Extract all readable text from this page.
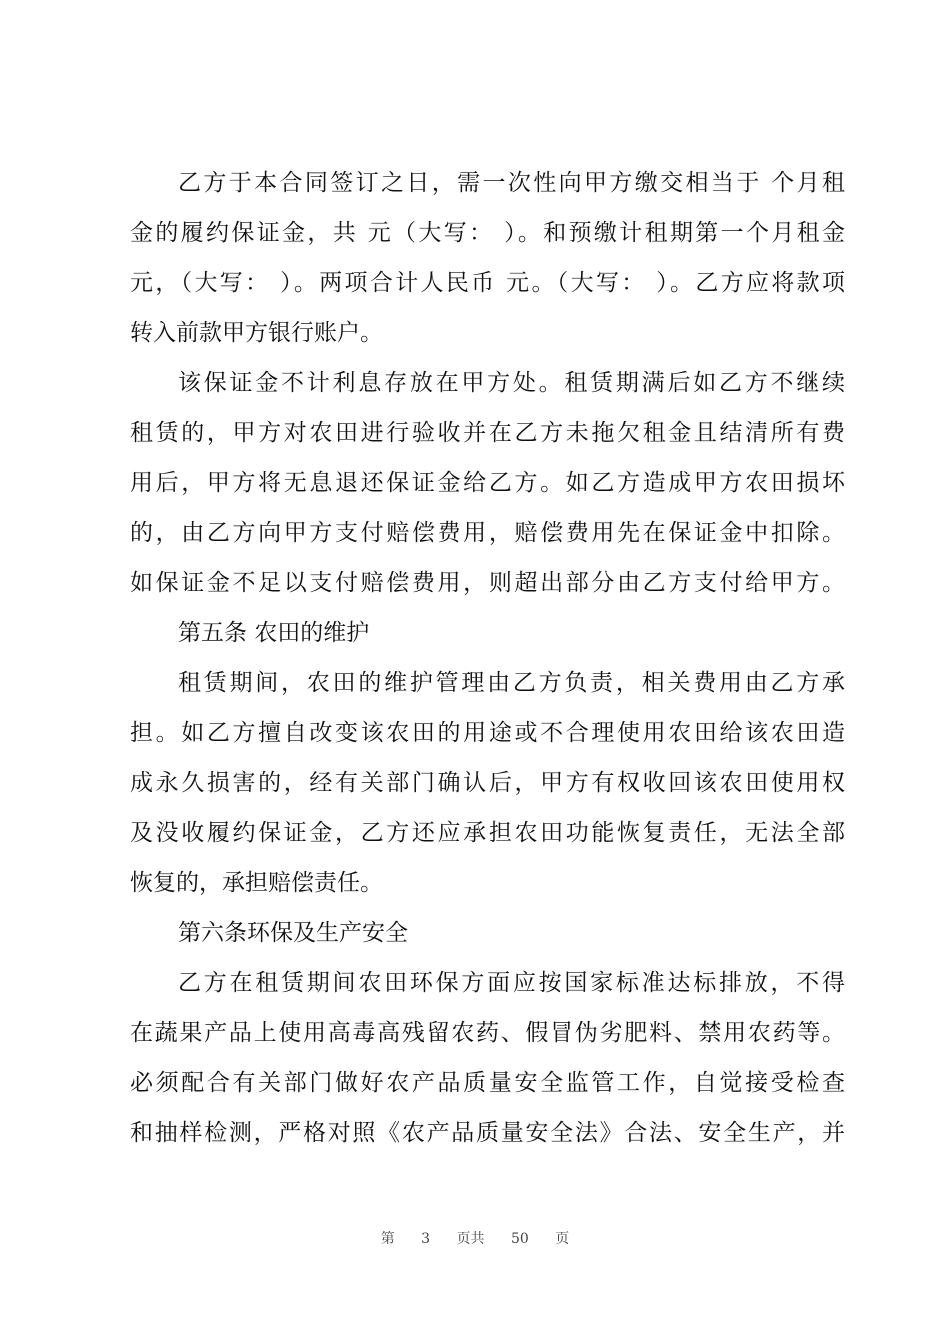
乙方于本合同签订之日，需一次性向甲方缴交相当于 个月租
金的履约保证金，共 元（大写： ）。和预缴计租期第一个月租金
元，（大写： ）。两项合计人民币 元。（大写： ）。乙方应将款项
转入前款甲方银行账户。
该保证金不计利息存放在甲方处。租赁期满后如乙方不继续
租赁的，甲方对农田进行验收并在乙方未拖欠租金且结清所有费
用后，甲方将无息退还保证金给乙方。如乙方造成甲方农田损坏
的，由乙方向甲方支付赔偿费用，赔偿费用先在保证金中扣除。
如保证金不足以支付赔偿费用，则超出部分由乙方支付给甲方。
第五条 农田的维护
租赁期间，农田的维护管理由乙方负责，相关费用由乙方承
担。如乙方擅自改变该农田的用途或不合理使用农田给该农田造
成永久损害的，经有关部门确认后，甲方有权收回该农田使用权
及没收履约保证金，乙方还应承担农田功能恢复责任，无法全部
恢复的，承担赔偿责任。
第六条环保及生产安全
乙方在租赁期间农田环保方面应按国家标准达标排放，不得
在蔬果产品上使用高毒高残留农药、假冒伪劣肥料、禁用农药等。
必须配合有关部门做好农产品质量安全监管工作，自觉接受检查
和抽样检测，严格对照《农产品质量安全法》合法、安全生产，并
第 3 页共 50 页
